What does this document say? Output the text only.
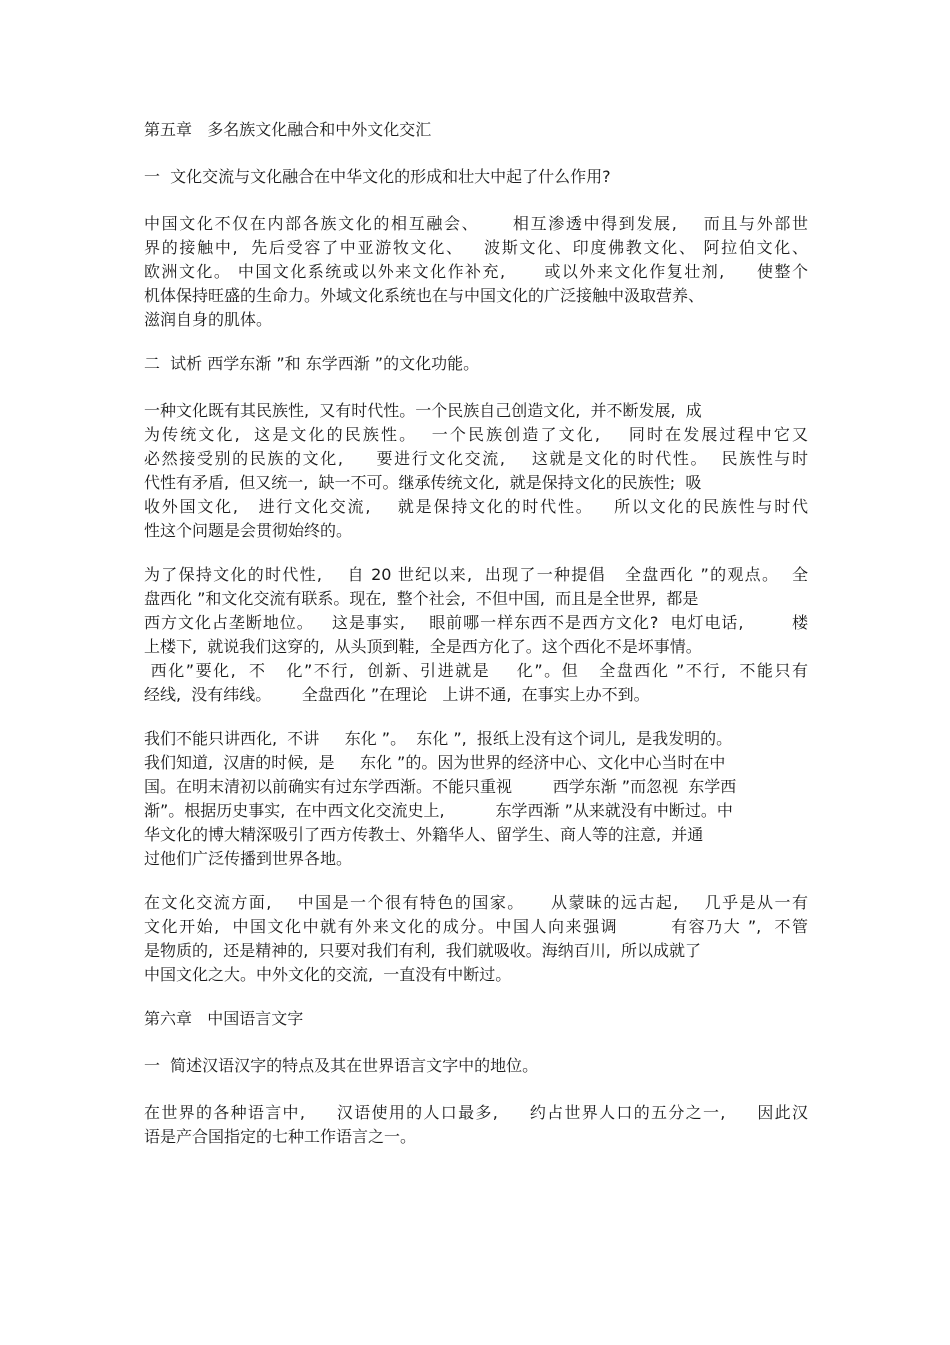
第五章   多名族文化融合和中外文化交汇
一  文化交流与文化融合在中华文化的形成和壮大中起了什么作用?
中国文化不仅在内部各族文化的相互融会、     相互渗透中得到发展,    而且与外部世
界的接触中,  先后受容了中亚游牧文化、   波斯文化、印度佛教文化、 阿拉伯文化、
欧洲文化。 中国文化系统或以外来文化作补充,      或以外来文化作复壮剂,     使整个
机体保持旺盛的生命力。外域文化系统也在与中国文化的广泛接触中汲取营养、
滋润自身的肌体。
二  试析 西学东渐 ”和 东学西渐 ”的文化功能。
一种文化既有其民族性,  又有时代性。一个民族自己创造文化,  并不断发展,  成
为传统文化,  这是文化的民族性。  一个民族创造了文化,    同时在发展过程中它又
必然接受别的民族的文化,     要进行文化交流,    这就是文化的时代性。  民族性与时
代性有矛盾,  但又统一,  缺一不可。继承传统文化,  就是保持文化的民族性;  吸
收外国文化,   进行文化交流,    就是保持文化的时代性。   所以文化的民族性与时代
性这个问题是会贯彻始终的。
为了保持文化的时代性,    自 20 世纪以来,  出现了一种提倡   全盘西化 ”的观点。  全
盘西化 ”和文化交流有联系。现在,  整个社会,  不但中国,  而且是全世界,  都是
西方文化占垄断地位。   这是事实,    眼前哪一样东西不是西方文化?  电灯电话,        楼
上楼下,  就说我们这穿的,  从头顶到鞋,  全是西方化了。这个西化不是坏事情。
西化”要化,  不   化”不行,  创新、引进就是    化”。但   全盘西化 ”不行,  不能只有
经线,  没有纬线。      全盘西化 ”在理论   上讲不通,  在事实上办不到。
我们不能只讲西化,  不讲     东化 ”。  东化 ”,  报纸上没有这个词儿,  是我发明的。
我们知道,  汉唐的时候,  是     东化 ”的。因为世界的经济中心、文化中心当时在中
国。在明末清初以前确实有过东学西渐。不能只重视        西学东渐 ”而忽视  东学西
渐”。根据历史事实,  在中西文化交流史上,          东学西渐 ”从来就没有中断过。中
华文化的博大精深吸引了西方传教士、外籍华人、留学生、商人等的注意,  并通
过他们广泛传播到世界各地。
在文化交流方面,    中国是一个很有特色的国家。    从蒙昧的远古起,    几乎是从一有
文化开始,  中国文化中就有外来文化的成分。中国人向来强调        有容乃大 ”,  不管
是物质的,  还是精神的,  只要对我们有利,  我们就吸收。海纳百川,  所以成就了
中国文化之大。中外文化的交流,  一直没有中断过。
第六章   中国语言文字
一  简述汉语汉字的特点及其在世界语言文字中的地位。
在世界的各种语言中,     汉语使用的人口最多,     约占世界人口的五分之一,     因此汉
语是产合国指定的七种工作语言之一。
